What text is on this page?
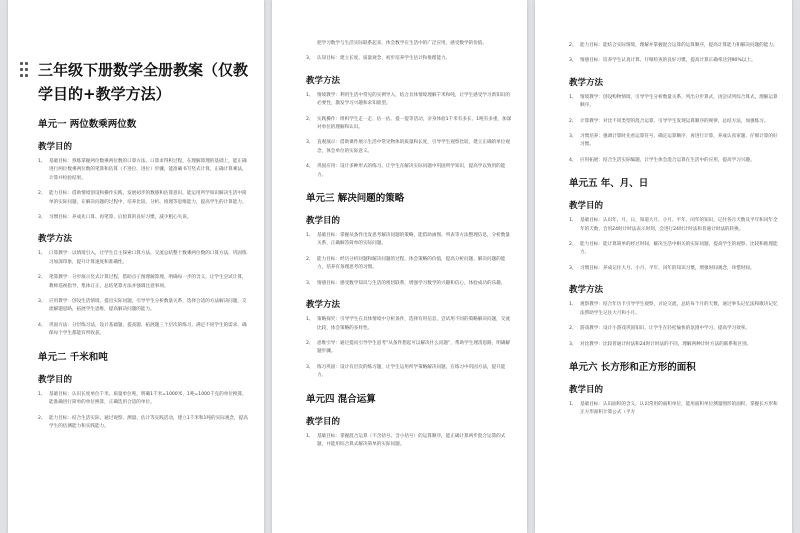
三年级下册数学全册教案（仅教学目的+教学方法）
单元一 两位数乘两位数
教学目的
1、 基础目标：熟练掌握两位数乘两位数的口算方法、口算求得积过程，在理解算理的基础上，能正确进行两位数乘两位数的笔算和估算（不进位、进位）步骤，能准确书写竖式计算，正确计算乘法，计算并检验结果。
2、 能力目标：借助情境创设和操作实践，发展初步的数感和估算意识，能运用所学知识解决生活中简单的实际问题，在解决问题的过程中，培养比较、分析、推理等思维能力，提高学生的计算能力。
3、 习惯目标：养成先口算、再笔算、后验算的良好习惯，减少粗心失误。
教学方法
1、 口算教学：以情境引入，让学生自主探索口算方法，交流总结整十数乘两位数的口算方法，巩固练习加深印象，提升计算速度和准确性。
2、 笔算教学：分步演示竖式计算过程，借助点子图理解算理，明确每一步的含义，让学生尝试计算，教师巡视指导，集体订正，总结笔算方法并强调注意事项。
3、 应用教学：创设生活情境，提出实际问题，引导学生分析数量关系，选择合适的方法解决问题，交流解题思路，拓展学生思维，提高解决问题的能力。
4、 巩固方法：分层练习法，设计基础题、提高题、拓展题三个层次的练习，满足不同学生的需求，确保每个学生都能有所收获。
单元二 千米和吨
教学目的
1、 基础目标：认识长度单位千米、质量单位吨，明确1千米=1000米、1吨=1000千克的单位换算，能准确进行简单的单位换算，正确选用合适的单位。
2、 能力目标：结合生活实际，通过观察、测量、估计等实践活动，建立1千米和1吨的实际观念，提高学生的估测能力和实践能力。
把学习数学与生活实际联系起来，体会数学在生活中的广泛应用，感受数学的价值。
3、 认知目标：建立长度、质量观念，初步培养学生估计和推理能力。
教学方法
1、 情境教学：利用生活中常见的实例导入，结合具体情境理解千米和吨，让学生感受学习新知识的必要性，激发学习兴趣和求知欲望。
2、 实践操作：组织学生走一走、估一估、提一提等活动，亲身体验1千米有多长、1吨有多重，加深对单位的理解和认识。
3、 直观演示：借助课件展示生活中常见物体的质量和长度，引导学生观察比较，建立正确的单位观念，体会单位的实际意义。
4、 巩固应用：设计多种形式的练习，让学生在解决实际问题中巩固所学知识，提高学以致用的能力。
单元三 解决问题的策略
教学目的
1、 基础目标：掌握从条件出发思考解决问题的策略，能借助画图、列表等方法整理信息，分析数量关系，正确解答简单的实际问题。
2、 能力目标：经历分析问题和解决问题的过程，体会策略的价值，提高分析问题、解决问题的能力，培养有条理思考的习惯。
3、 情感目标：感受数学知识与生活的密切联系，增强学习数学的兴趣和信心，体验成功的乐趣。
教学方法
1、 策略探究：引导学生在具体情境中分析条件，选择有用信息，尝试用不同的策略解决问题，交流比较，体会策略的多样性。
2、 思维引导：通过提问引导学生思考“从条件想起可以解决什么问题”，帮助学生理清思路，明确解题步骤。
3、 练习巩固：设计有层次的练习题，让学生运用所学策略解决问题，在练习中巩固方法，提升能力。
单元四 混合运算
教学目的
1、 基础目标：掌握混合运算（不含括号、含小括号）的运算顺序，能正确计算两步混合运算的式题，并能用综合算式解决简单的实际问题。
2、 能力目标：能结合实际情境，理解并掌握混合运算的运算顺序，提高计算能力和解决问题的能力。
3、 情感目标：培养学生认真计算、仔细检查的良好习惯，提高计算正确率达到90%以上。
教学方法
1、 情境教学：创设购物情境，引导学生分析数量关系，列出分步算式，再尝试列综合算式，理解运算顺序。
2、 计算教学：对比不同类型的混合运算，引导学生发现运算顺序的规律，总结方法，加强练习。
3、 习惯培养：强调计算时先看运算符号，确定运算顺序，再进行计算，养成认真审题、仔细计算的好习惯。
4、 应用拓展：结合生活实际编题，让学生体会混合运算在生活中的应用，提高学习兴趣。
单元五 年、月、日
教学目的
1、 基础目标：认识年、月、日，知道大月、小月、平年、闰年的知识，记住各月天数及平年和闰年全年的天数，会用24时计时法表示时刻，会进行24时计时法和普通计时法的转换。
2、 能力目标：能计算简单的经过时间，解决生活中相关的实际问题，提高学生的观察、比较和推理能力。
3、 习惯目标：养成记住大月、小月、平年、闰年的知识习惯，增强时间观念，珍惜时间。
教学方法
1、 观察教学：结合年历卡引导学生观察，讨论交流，总结每个月的天数，通过拳头记忆法和歌诀记忆法帮助学生记住大月和小月。
2、 游戏教学：设计小游戏巩固知识，让学生在轻松愉快的氛围中学习，提高学习效率。
3、 对比教学：比较普通计时法和24时计时法的不同，理解两种计时方法的联系和区别。
单元六 长方形和正方形的面积
教学目的
1、 基础目标：认识面积的含义，认识常用的面积单位，能用面积单位测量图形的面积，掌握长方形和正方形面积计算公式（平方
